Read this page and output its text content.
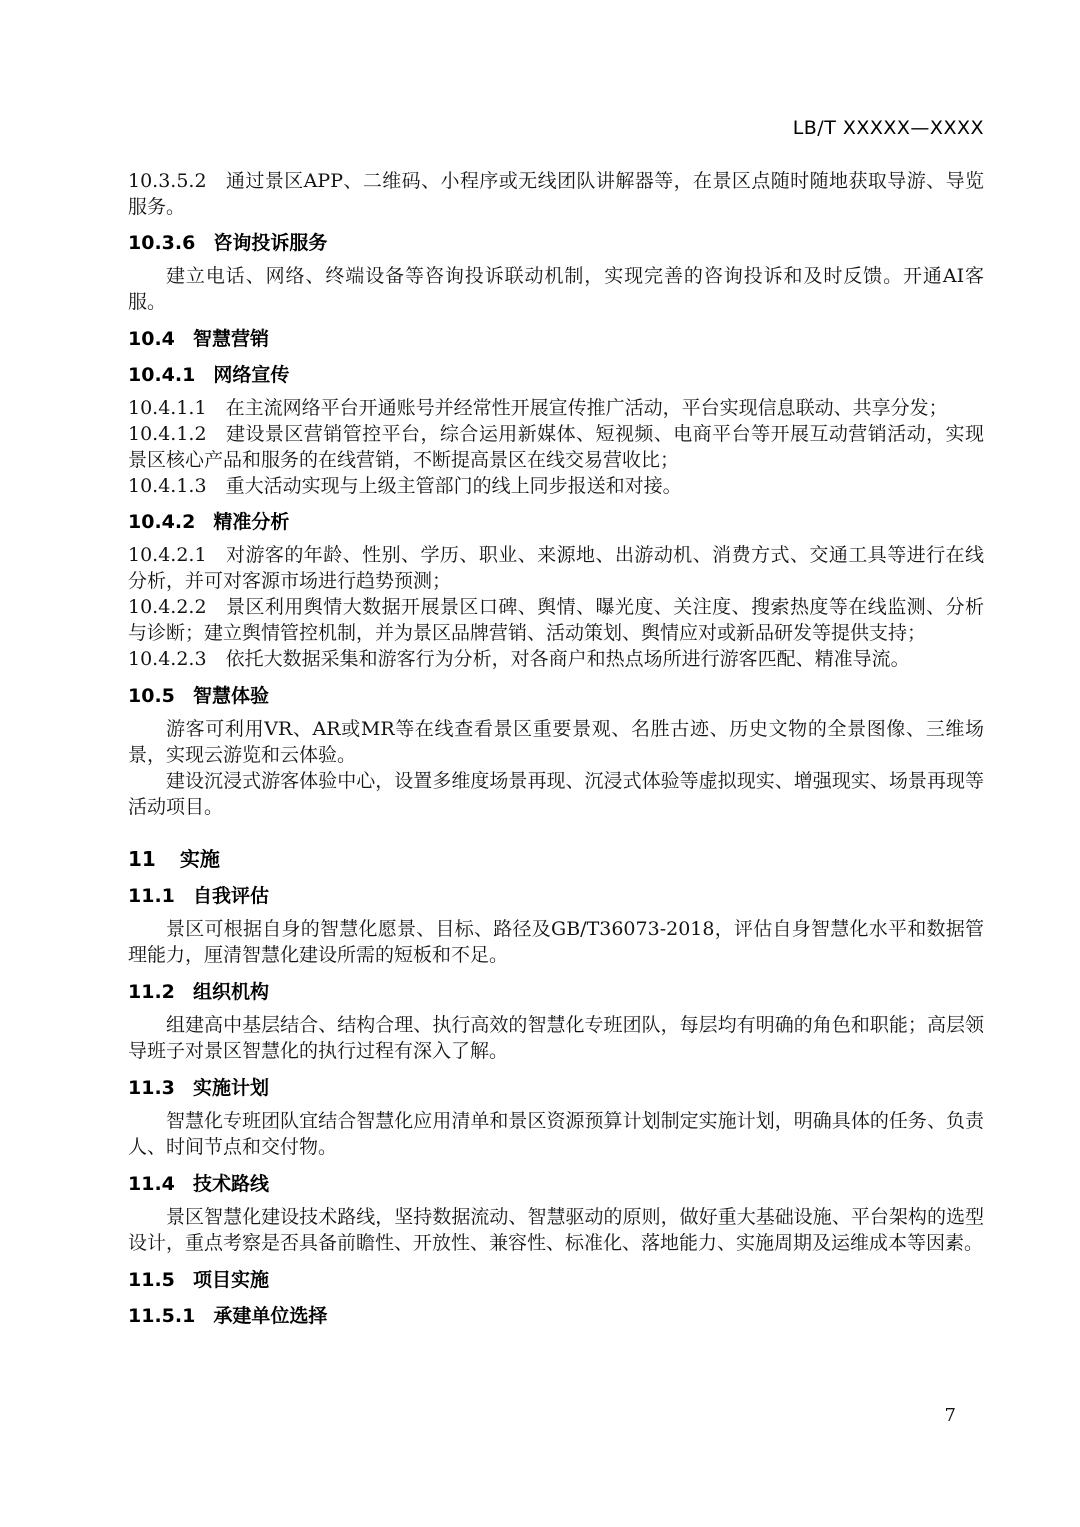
LB/T XXXXX—XXXX

10.3.5.2 通过景区APP、二维码、小程序或无线团队讲解器等，在景区点随时随地获取导游、导览服务。

10.3.6 咨询投诉服务

建立电话、网络、终端设备等咨询投诉联动机制，实现完善的咨询投诉和及时反馈。开通AI客服。

10.4 智慧营销
10.4.1 网络宣传

10.4.1.1 在主流网络平台开通账号并经常性开展宣传推广活动，平台实现信息联动、共享分发；

10.4.1.2 建设景区营销管控平台，综合运用新媒体、短视频、电商平台等开展互动营销活动，实现景区核心产品和服务的在线营销，不断提高景区在线交易营收比；

10.4.1.3 重大活动实现与上级主管部门的线上同步报送和对接。

10.4.2 精准分析

10.4.2.1 对游客的年龄、性别、学历、职业、来源地、出游动机、消费方式、交通工具等进行在线分析，并可对客源市场进行趋势预测；

10.4.2.2 景区利用舆情大数据开展景区口碑、舆情、曝光度、关注度、搜索热度等在线监测、分析与诊断；建立舆情管控机制，并为景区品牌营销、活动策划、舆情应对或新品研发等提供支持；

10.4.2.3 依托大数据采集和游客行为分析，对各商户和热点场所进行游客匹配、精准导流。

10.5 智慧体验

游客可利用VR、AR或MR等在线查看景区重要景观、名胜古迹、历史文物的全景图像、三维场景，实现云游览和云体验。

建设沉浸式游客体验中心，设置多维度场景再现、沉浸式体验等虚拟现实、增强现实、场景再现等活动项目。

11 实施
11.1 自我评估

景区可根据自身的智慧化愿景、目标、路径及GB/T36073-2018，评估自身智慧化水平和数据管理能力，厘清智慧化建设所需的短板和不足。

11.2 组织机构

组建高中基层结合、结构合理、执行高效的智慧化专班团队，每层均有明确的角色和职能；高层领导班子对景区智慧化的执行过程有深入了解。

11.3 实施计划

智慧化专班团队宜结合智慧化应用清单和景区资源预算计划制定实施计划，明确具体的任务、负责人、时间节点和交付物。

11.4 技术路线

景区智慧化建设技术路线，坚持数据流动、智慧驱动的原则，做好重大基础设施、平台架构的选型设计，重点考察是否具备前瞻性、开放性、兼容性、标准化、落地能力、实施周期及运维成本等因素。

11.5 项目实施
11.5.1 承建单位选择
7
